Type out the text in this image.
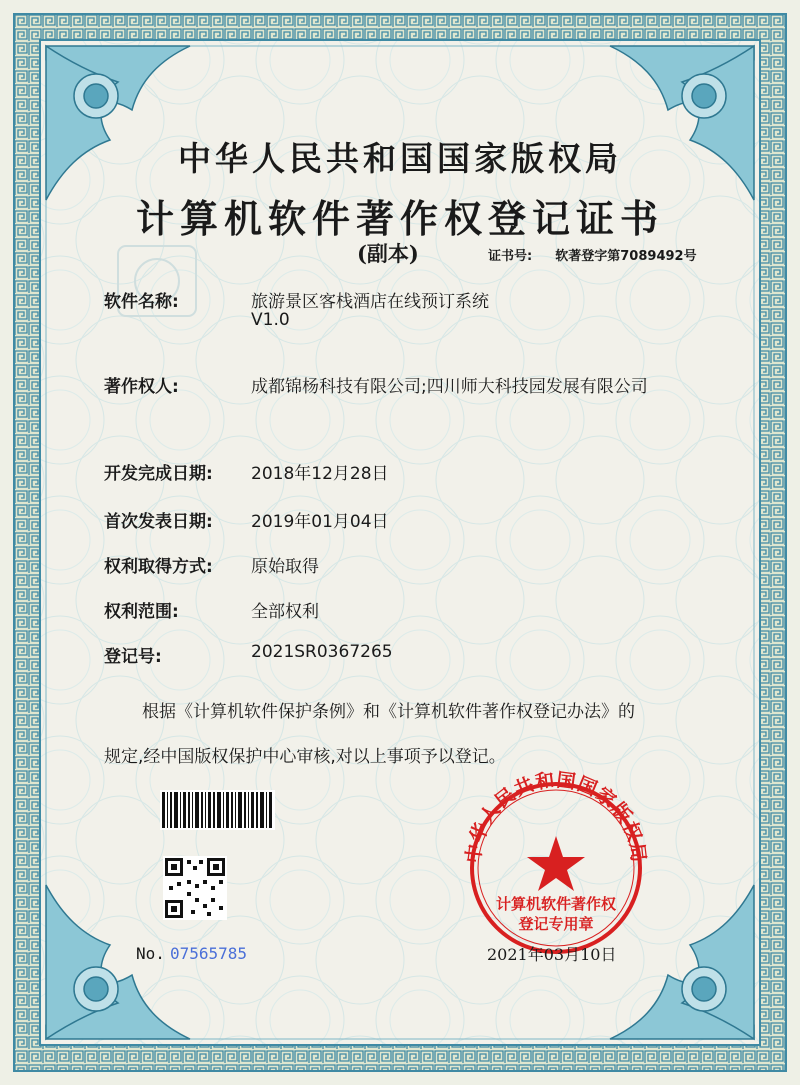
中华人民共和国国家版权局
中华人民共和国国家版权局
计算机软件著作权登记证书
(副本)	证书号: 软著登字第7089492号
软件名称:	旅游景区客栈酒店在线预订系统
V1.0
著作权人:	成都锦杨科技有限公司;四川师大科技园发展有限公司
开发完成日期: 2018年12月28日
首次发表日期: 2019年01月04日
权利取得方式: 原始取得
权利范围:	全部权利
登记号:	2021SR0367265
根据《计算机软件保护条例》和《计算机软件著作权登记办法》的
规定,经中国版权保护中心审核,对以上事项予以登记。
计算机软件著作权
登记专用章
No. 07565785	2021年03月10日
